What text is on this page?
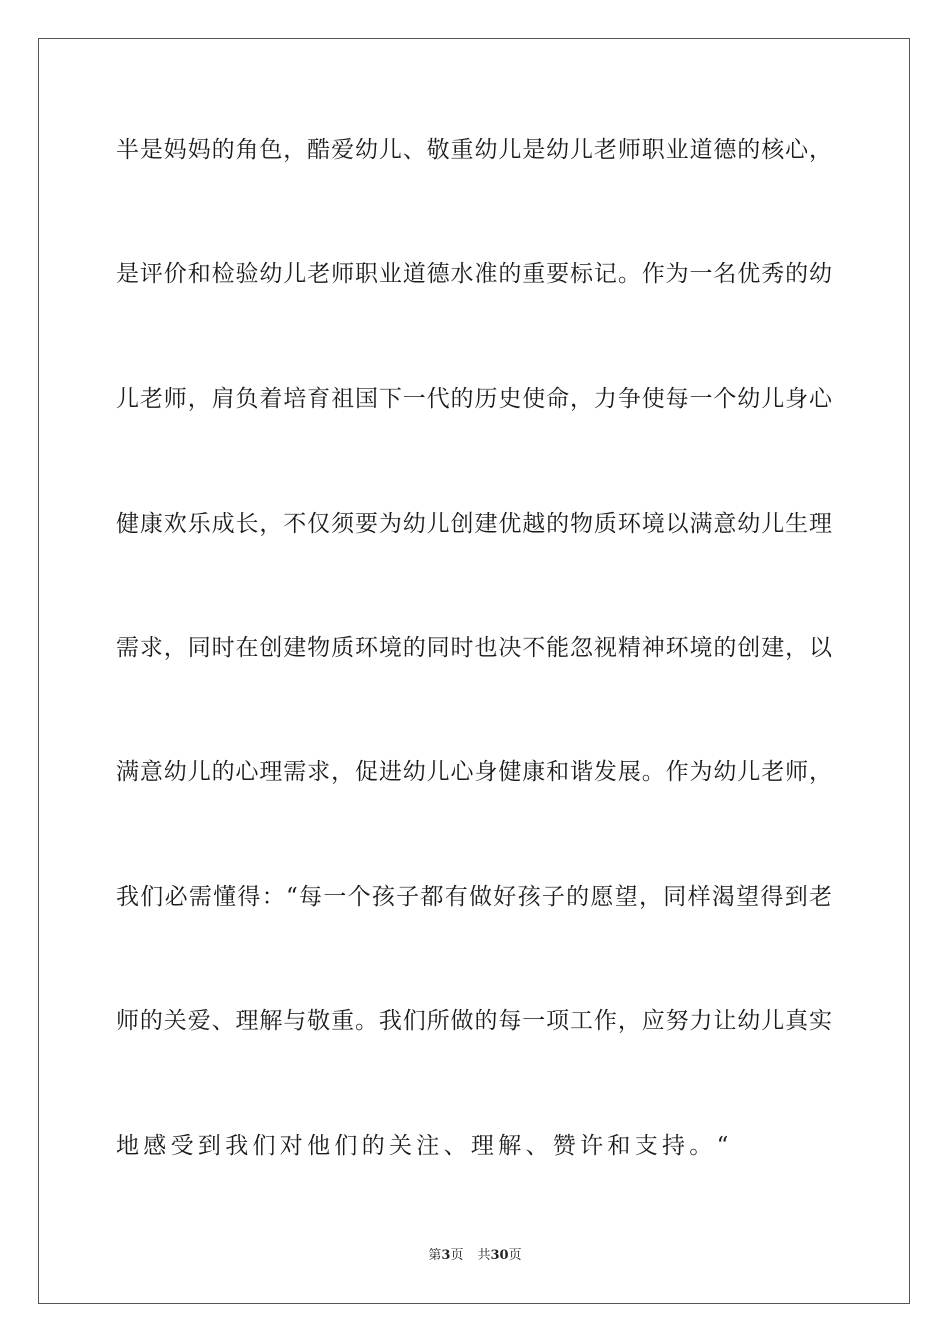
半是妈妈的角色，酷爱幼儿、敬重幼儿是幼儿老师职业道德的核心，
是评价和检验幼儿老师职业道德水准的重要标记。作为一名优秀的幼
儿老师，肩负着培育祖国下一代的历史使命，力争使每一个幼儿身心
健康欢乐成长，不仅须要为幼儿创建优越的物质环境以满意幼儿生理
需求，同时在创建物质环境的同时也决不能忽视精神环境的创建，以
满意幼儿的心理需求，促进幼儿心身健康和谐发展。作为幼儿老师，
我们必需懂得：“每一个孩子都有做好孩子的愿望，同样渴望得到老
师的关爱、理解与敬重。我们所做的每一项工作，应努力让幼儿真实
地感受到我们对他们的关注、理解、赞许和支持。“
第3页 共30页
